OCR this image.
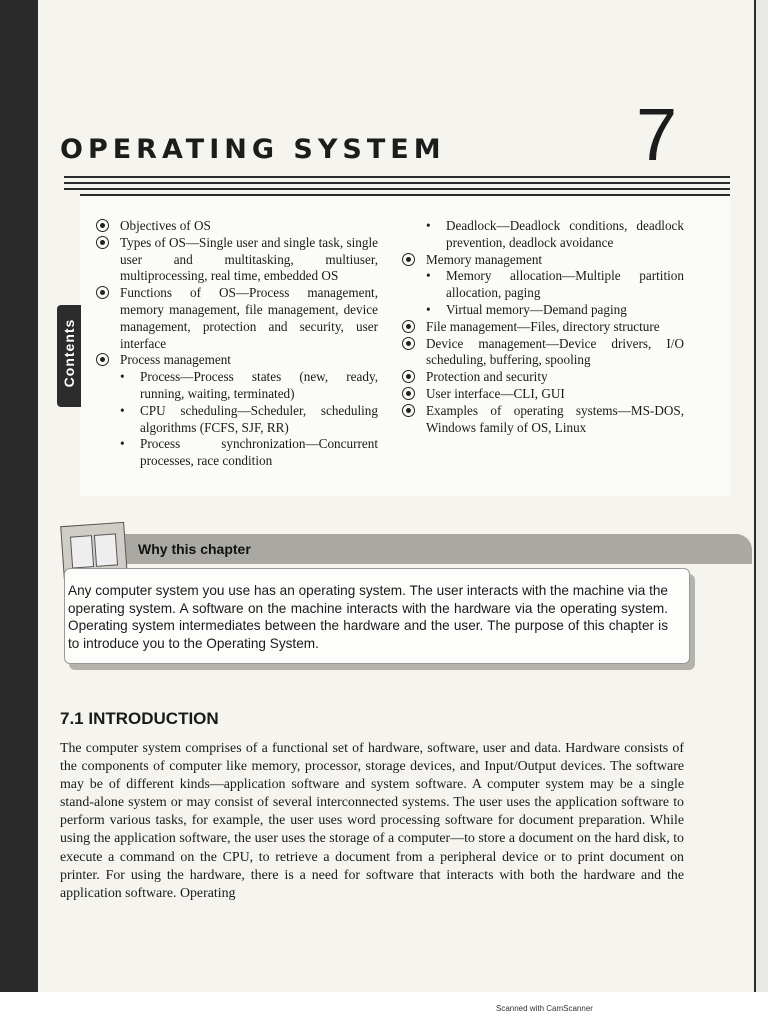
OPERATING SYSTEM	7
Contents
Objectives of OS
Types of OS—Single user and single task, single user and multitasking, multiuser, multiprocessing, real time, embedded OS
Functions of OS—Process management, memory management, file management, device management, protection and security, user interface
Process management
• Process—Process states (new, ready, running, waiting, terminated)
• CPU scheduling—Scheduler, scheduling algorithms (FCFS, SJF, RR)
• Process synchronization—Concurrent processes, race condition
• Deadlock—Deadlock conditions, deadlock prevention, deadlock avoidance
Memory management
• Memory allocation—Multiple partition allocation, paging
• Virtual memory—Demand paging
File management—Files, directory structure
Device management—Device drivers, I/O scheduling, buffering, spooling
Protection and security
User interface—CLI, GUI
Examples of operating systems—MS-DOS, Windows family of OS, Linux
Why this chapter
Any computer system you use has an operating system. The user interacts with the machine via the operating system. A software on the machine interacts with the hardware via the operating system. Operating system intermediates between the hardware and the user. The purpose of this chapter is to introduce you to the Operating System.
7.1 INTRODUCTION
The computer system comprises of a functional set of hardware, software, user and data. Hardware consists of the components of computer like memory, processor, storage devices, and Input/Output devices. The software may be of different kinds—application software and system software. A computer system may be a single stand-alone system or may consist of several interconnected systems. The user uses the application software to perform various tasks, for example, the user uses word processing software for document preparation. While using the application software, the user uses the storage of a computer—to store a document on the hard disk, to execute a command on the CPU, to retrieve a document from a peripheral device or to print document on printer. For using the hardware, there is a need for software that interacts with both the hardware and the application software. Operating
Scanned with CamScanner
